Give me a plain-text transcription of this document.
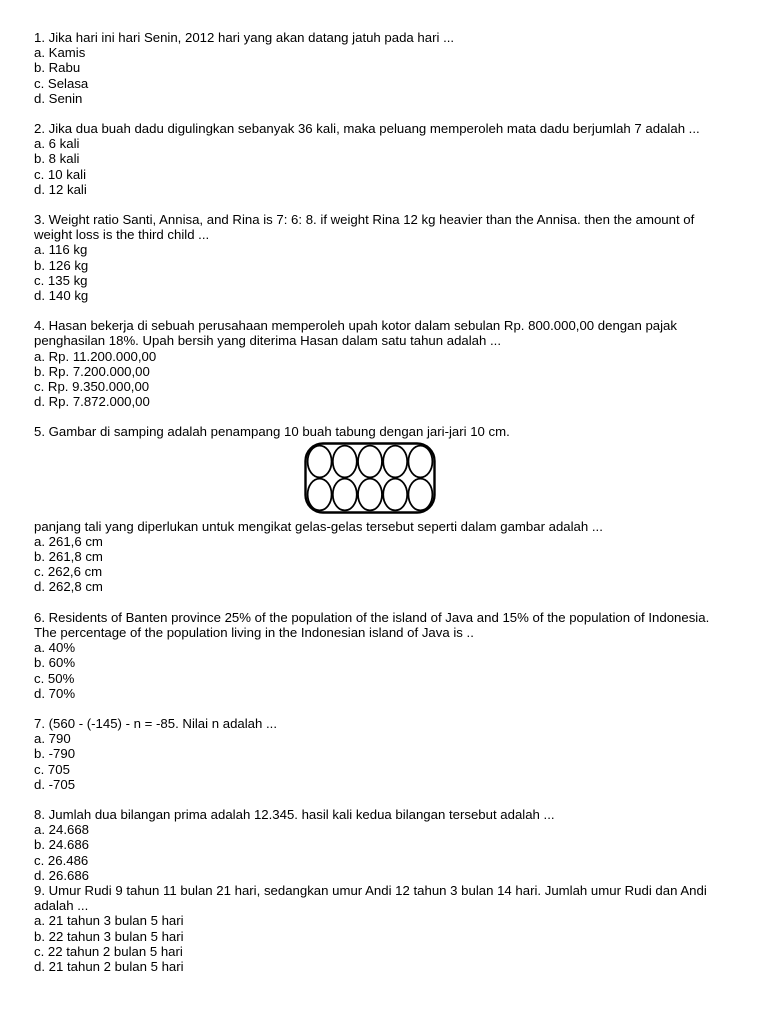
1. Jika hari ini hari Senin, 2012 hari yang akan datang jatuh pada hari ...
a. Kamis
b. Rabu
c. Selasa
d. Senin
2. Jika dua buah dadu digulingkan sebanyak 36 kali, maka peluang memperoleh mata dadu berjumlah 7 adalah ...
a. 6 kali
b. 8 kali
c. 10 kali
d. 12 kali
3. Weight ratio Santi, Annisa, and Rina is 7: 6: 8. if weight Rina 12 kg heavier than the Annisa. then the amount of weight loss is the third child ...
a. 116 kg
b. 126 kg
c. 135 kg
d. 140 kg
4. Hasan bekerja di sebuah perusahaan memperoleh upah kotor dalam sebulan Rp. 800.000,00 dengan pajak penghasilan 18%. Upah bersih yang diterima Hasan dalam satu tahun adalah ...
a. Rp. 11.200.000,00
b. Rp. 7.200.000,00
c. Rp. 9.350.000,00
d. Rp. 7.872.000,00
5. Gambar di samping adalah penampang 10 buah tabung dengan jari-jari 10 cm.
panjang tali yang diperlukan untuk mengikat gelas-gelas tersebut seperti dalam gambar adalah ...
a. 261,6 cm
b. 261,8 cm
c. 262,6 cm
d. 262,8 cm
6. Residents of Banten province 25% of the population of the island of Java and 15% of the population of Indonesia. The percentage of the population living in the Indonesian island of Java is ..
a. 40%
b. 60%
c. 50%
d. 70%
7. (560 - (-145) - n = -85. Nilai n adalah ...
a. 790
b. -790
c. 705
d. -705
8. Jumlah dua bilangan prima adalah 12.345. hasil kali kedua bilangan tersebut adalah ...
a. 24.668
b. 24.686
c. 26.486
d. 26.686
9. Umur Rudi 9 tahun 11 bulan 21 hari, sedangkan umur Andi 12 tahun 3 bulan 14 hari. Jumlah umur Rudi dan Andi adalah ...
a. 21 tahun 3 bulan 5 hari
b. 22 tahun 3 bulan 5 hari
c. 22 tahun 2 bulan 5 hari
d. 21 tahun 2 bulan 5 hari
